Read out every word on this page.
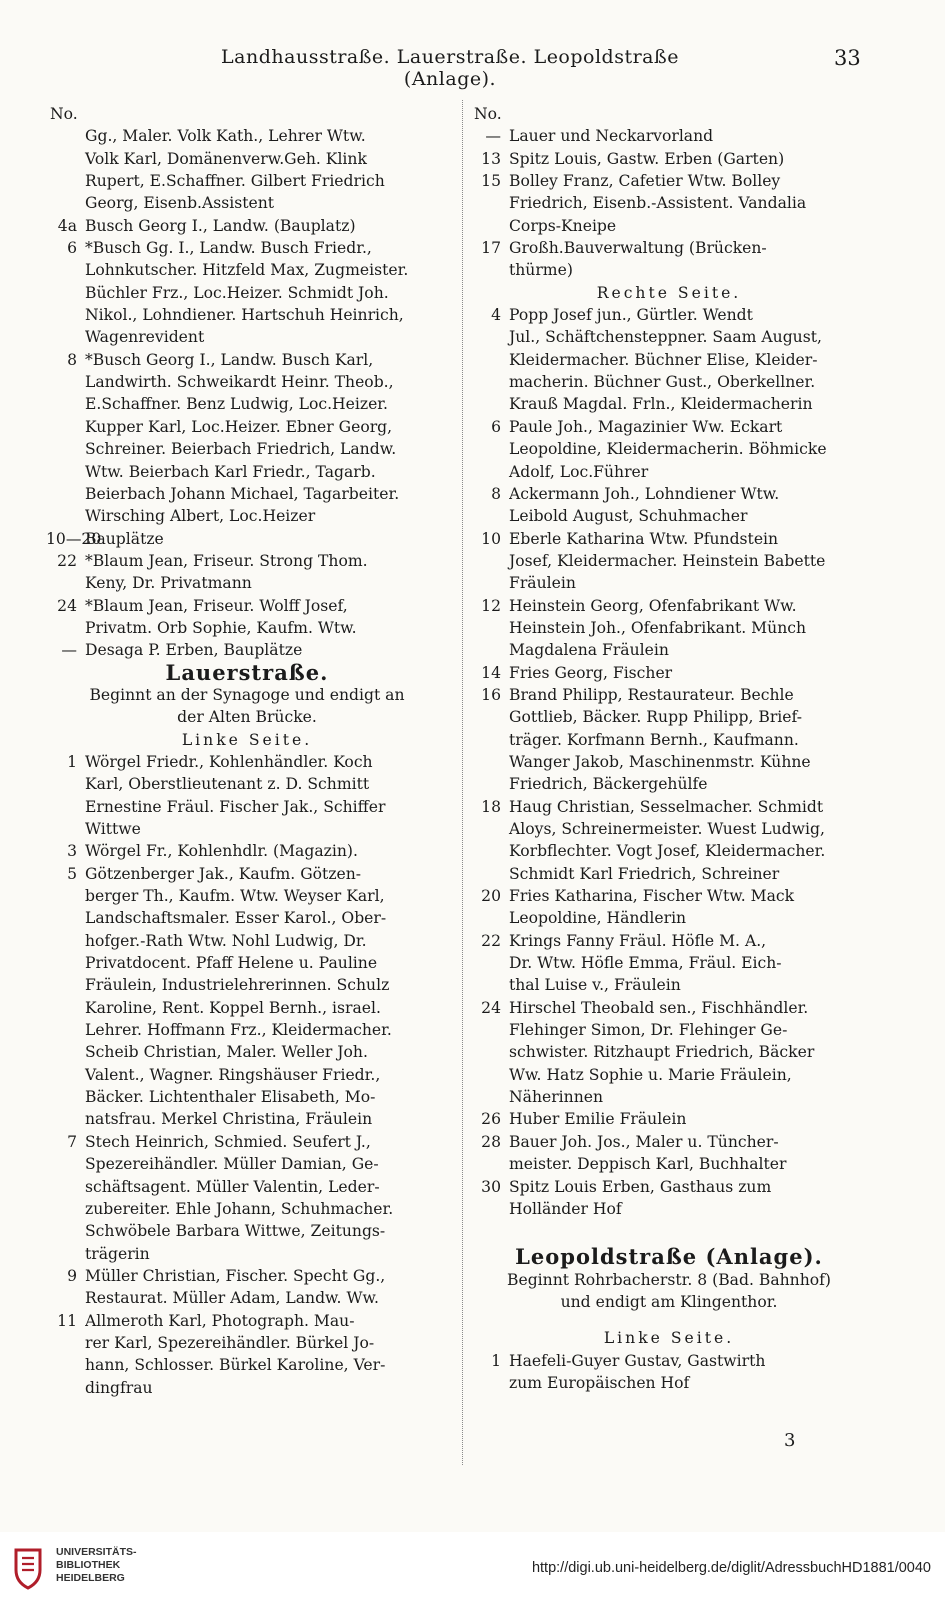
Landhausstraße. Lauerstraße. Leopoldstraße (Anlage).
33
No.
Gg., Maler. Volk Kath., Lehrer Wtw.
Volk Karl, Domänenverw.Geh. Klink
Rupert, E.Schaffner. Gilbert Friedrich
Georg, Eisenb.Assistent
4a Busch Georg I., Landw. (Bauplatz)
6 *Busch Gg. I., Landw. Busch Friedr.,
Lohnkutscher. Hitzfeld Max, Zugmeister.
Büchler Frz., Loc.Heizer. Schmidt Joh.
Nikol., Lohndiener. Hartschuh Heinrich,
Wagenrevident
8 *Busch Georg I., Landw. Busch Karl,
Landwirth. Schweikardt Heinr. Theob.,
E.Schaffner. Benz Ludwig, Loc.Heizer.
Kupper Karl, Loc.Heizer. Ebner Georg,
Schreiner. Beierbach Friedrich, Landw.
Wtw. Beierbach Karl Friedr., Tagarb.
Beierbach Johann Michael, Tagarbeiter.
Wirsching Albert, Loc.Heizer
10—20
Bauplätze
22 *Blaum Jean, Friseur. Strong Thom.
Keny, Dr. Privatmann
24 *Blaum Jean, Friseur. Wolff Josef,
Privatm. Orb Sophie, Kaufm. Wtw.
— Desaga P. Erben, Bauplätze
Lauerstraße.
Beginnt an der Synagoge und endigt an
der Alten Brücke.
Linke Seite.
1 Wörgel Friedr., Kohlenhändler. Koch
Karl, Oberstlieutenant z. D. Schmitt
Ernestine Fräul. Fischer Jak., Schiffer
Wittwe
3 Wörgel Fr., Kohlenhdlr. (Magazin).
5 Götzenberger Jak., Kaufm. Götzen-
berger Th., Kaufm. Wtw. Weyser Karl,
Landschaftsmaler. Esser Karol., Ober-
hofger.-Rath Wtw. Nohl Ludwig, Dr.
Privatdocent. Pfaff Helene u. Pauline
Fräulein, Industrielehrerinnen. Schulz
Karoline, Rent. Koppel Bernh., israel.
Lehrer. Hoffmann Frz., Kleidermacher.
Scheib Christian, Maler. Weller Joh.
Valent., Wagner. Ringshäuser Friedr.,
Bäcker. Lichtenthaler Elisabeth, Mo-
natsfrau. Merkel Christina, Fräulein
7 Stech Heinrich, Schmied. Seufert J.,
Spezereihändler. Müller Damian, Ge-
schäftsagent. Müller Valentin, Leder-
zubereiter. Ehle Johann, Schuhmacher.
Schwöbele Barbara Wittwe, Zeitungs-
trägerin
9 Müller Christian, Fischer. Specht Gg.,
Restaurat. Müller Adam, Landw. Ww.
11 Allmeroth Karl, Photograph. Mau-
rer Karl, Spezereihändler. Bürkel Jo-
hann, Schlosser. Bürkel Karoline, Ver-
dingfrau
No.
— Lauer und Neckarvorland
13 Spitz Louis, Gastw. Erben (Garten)
15 Bolley Franz, Cafetier Wtw. Bolley
Friedrich, Eisenb.-Assistent. Vandalia
Corps-Kneipe
17 Großh.Bauverwaltung (Brücken-
thürme)
Rechte Seite.
4 Popp Josef jun., Gürtler. Wendt
Jul., Schäftchensteppner. Saam August,
Kleidermacher. Büchner Elise, Kleider-
macherin. Büchner Gust., Oberkellner.
Krauß Magdal. Frln., Kleidermacherin
6 Paule Joh., Magazinier Ww. Eckart
Leopoldine, Kleidermacherin. Böhmicke
Adolf, Loc.Führer
8 Ackermann Joh., Lohndiener Wtw.
Leibold August, Schuhmacher
10 Eberle Katharina Wtw. Pfundstein
Josef, Kleidermacher. Heinstein Babette
Fräulein
12 Heinstein Georg, Ofenfabrikant Ww.
Heinstein Joh., Ofenfabrikant. Münch
Magdalena Fräulein
14 Fries Georg, Fischer
16 Brand Philipp, Restaurateur. Bechle
Gottlieb, Bäcker. Rupp Philipp, Brief-
träger. Korfmann Bernh., Kaufmann.
Wanger Jakob, Maschinenmstr. Kühne
Friedrich, Bäckergehülfe
18 Haug Christian, Sesselmacher. Schmidt
Aloys, Schreinermeister. Wuest Ludwig,
Korbflechter. Vogt Josef, Kleidermacher.
Schmidt Karl Friedrich, Schreiner
20 Fries Katharina, Fischer Wtw. Mack
Leopoldine, Händlerin
22 Krings Fanny Fräul. Höfle M. A.,
Dr. Wtw. Höfle Emma, Fräul. Eich-
thal Luise v., Fräulein
24 Hirschel Theobald sen., Fischhändler.
Flehinger Simon, Dr. Flehinger Ge-
schwister. Ritzhaupt Friedrich, Bäcker
Ww. Hatz Sophie u. Marie Fräulein,
Näherinnen
26 Huber Emilie Fräulein
28 Bauer Joh. Jos., Maler u. Tüncher-
meister. Deppisch Karl, Buchhalter
30 Spitz Louis Erben, Gasthaus zum
Holländer Hof
Leopoldstraße (Anlage).
Beginnt Rohrbacherstr. 8 (Bad. Bahnhof)
und endigt am Klingenthor.
Linke Seite.
1 Haefeli-Guyer Gustav, Gastwirth
zum Europäischen Hof
3
UNIVERSITÄTS-
BIBLIOTHEK
HEIDELBERG
http://digi.ub.uni-heidelberg.de/diglit/AdressbuchHD1881/0040
